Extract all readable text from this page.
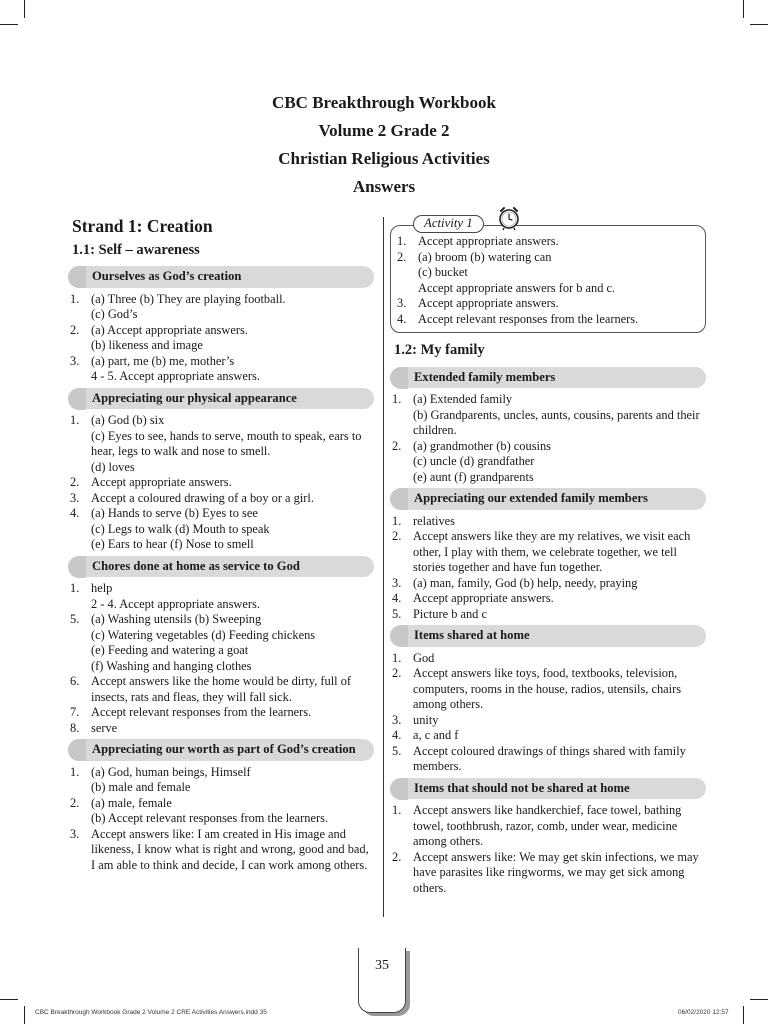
CBC Breakthrough Workbook
Volume 2 Grade 2
Christian Religious Activities
Answers
Strand 1: Creation
1.1: Self – awareness
Ourselves as God’s creation
1. (a) Three (b) They are playing football.
(c) God’s
2. (a) Accept appropriate answers.
(b) likeness and image
3. (a) part, me (b) me, mother’s
4 - 5. Accept appropriate answers.
Appreciating our physical appearance
1. (a) God (b) six
(c) Eyes to see, hands to serve, mouth to speak, ears to hear, legs to walk and nose to smell.
(d) loves
2. Accept appropriate answers.
3. Accept a coloured drawing of a boy or a girl.
4. (a) Hands to serve (b) Eyes to see
(c) Legs to walk (d) Mouth to speak
(e) Ears to hear (f) Nose to smell
Chores done at home as service to God
1. help
2 - 4. Accept appropriate answers.
5. (a) Washing utensils (b) Sweeping
(c) Watering vegetables (d) Feeding chickens
(e) Feeding and watering a goat
(f) Washing and hanging clothes
6. Accept answers like the home would be dirty, full of insects, rats and fleas, they will fall sick.
7. Accept relevant responses from the learners.
8. serve
Appreciating our worth as part of God’s creation
1. (a) God, human beings, Himself
(b) male and female
2. (a) male, female
(b) Accept relevant responses from the learners.
3. Accept answers like: I am created in His image and likeness, I know what is right and wrong, good and bad, I am able to think and decide, I can work among others.
Activity 1
1. Accept appropriate answers.
2. (a) broom (b) watering can
(c) bucket
Accept appropriate answers for b and c.
3. Accept appropriate answers.
4. Accept relevant responses from the learners.
1.2: My family
Extended family members
1. (a) Extended family
(b) Grandparents, uncles, aunts, cousins, parents and their children.
2. (a) grandmother (b) cousins
(c) uncle (d) grandfather
(e) aunt (f) grandparents
Appreciating our extended family members
1. relatives
2. Accept answers like they are my relatives, we visit each other, I play with them, we celebrate together, we tell stories together and have fun together.
3. (a) man, family, God (b) help, needy, praying
4. Accept appropriate answers.
5. Picture b and c
Items shared at home
1. God
2. Accept answers like toys, food, textbooks, television, computers, rooms in the house, radios, utensils, chairs among others.
3. unity
4. a, c and f
5. Accept coloured drawings of things shared with family members.
Items that should not be shared at home
1. Accept answers like handkerchief, face towel, bathing towel, toothbrush, razor, comb, under wear, medicine among others.
2. Accept answers like: We may get skin infections, we may have parasites like ringworms, we may get sick among others.
35
CBC Breakthrough Workbook Grade 2 Volume 2 CRE Activities Answers.indd 35	06/02/2020 12:57
